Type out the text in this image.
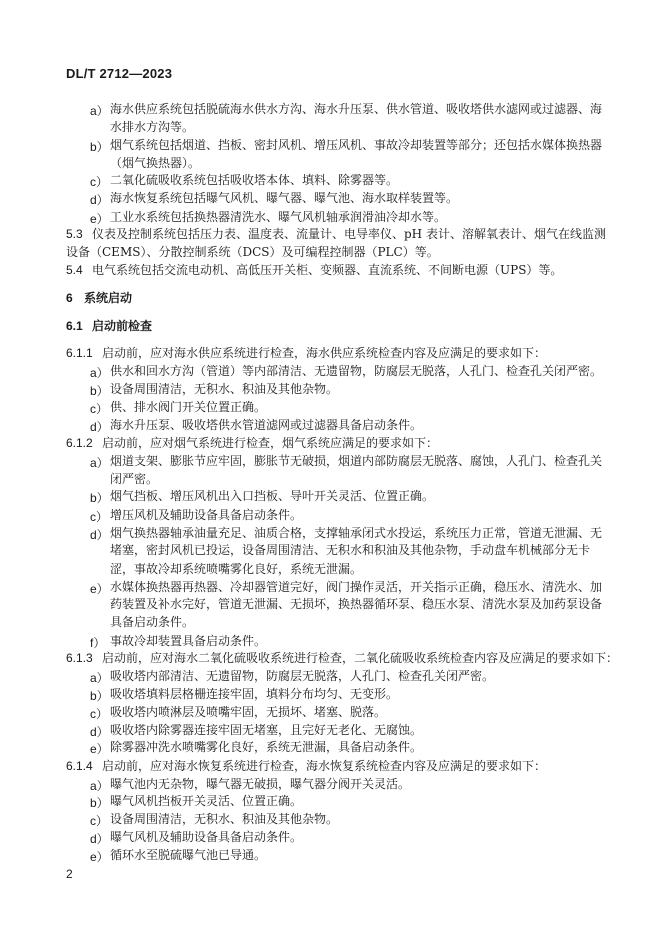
DL/T 2712—2023
a） 海水供应系统包括脱硫海水供水方沟、海水升压泵、供水管道、吸收塔供水滤网或过滤器、海
水排水方沟等。
b） 烟气系统包括烟道、挡板、密封风机、增压风机、事故冷却装置等部分；还包括水媒体换热器
（烟气换热器）。
c） 二氧化硫吸收系统包括吸收塔本体、填料、除雾器等。
d） 海水恢复系统包括曝气风机、曝气器、曝气池、海水取样装置等。
e） 工业水系统包括换热器清洗水、曝气风机轴承润滑油冷却水等。
5.3 仪表及控制系统包括压力表、温度表、流量计、电导率仪、pH 表计、溶解氧表计、烟气在线监测
设备（CEMS）、分散控制系统（DCS）及可编程控制器（PLC）等。
5.4 电气系统包括交流电动机、高低压开关柜、变频器、直流系统、不间断电源（UPS）等。
6 系统启动
6.1 启动前检查
6.1.1 启动前，应对海水供应系统进行检查，海水供应系统检查内容及应满足的要求如下：
a） 供水和回水方沟（管道）等内部清洁、无遗留物，防腐层无脱落，人孔门、检查孔关闭严密。
b） 设备周围清洁，无积水、积油及其他杂物。
c） 供、排水阀门开关位置正确。
d） 海水升压泵、吸收塔供水管道滤网或过滤器具备启动条件。
6.1.2 启动前，应对烟气系统进行检查，烟气系统应满足的要求如下：
a） 烟道支架、膨胀节应牢固，膨胀节无破损，烟道内部防腐层无脱落、腐蚀，人孔门、检查孔关
闭严密。
b） 烟气挡板、增压风机出入口挡板、导叶开关灵活、位置正确。
c） 增压风机及辅助设备具备启动条件。
d） 烟气换热器轴承油量充足、油质合格，支撑轴承闭式水投运，系统压力正常，管道无泄漏、无
堵塞，密封风机已投运，设备周围清洁、无积水和积油及其他杂物，手动盘车机械部分无卡
涩，事故冷却系统喷嘴雾化良好，系统无泄漏。
e） 水媒体换热器再热器、冷却器管道完好，阀门操作灵活，开关指示正确，稳压水、清洗水、加
药装置及补水完好，管道无泄漏、无损坏，换热器循环泵、稳压水泵、清洗水泵及加药泵设备
具备启动条件。
f） 事故冷却装置具备启动条件。
6.1.3 启动前，应对海水二氧化硫吸收系统进行检查，二氧化硫吸收系统检查内容及应满足的要求如下：
a） 吸收塔内部清洁、无遗留物，防腐层无脱落，人孔门、检查孔关闭严密。
b） 吸收塔填料层格栅连接牢固，填料分布均匀、无变形。
c） 吸收塔内喷淋层及喷嘴牢固，无损坏、堵塞、脱落。
d） 吸收塔内除雾器连接牢固无堵塞，且完好无老化、无腐蚀。
e） 除雾器冲洗水喷嘴雾化良好，系统无泄漏，具备启动条件。
6.1.4 启动前，应对海水恢复系统进行检查，海水恢复系统检查内容及应满足的要求如下：
a） 曝气池内无杂物，曝气器无破损，曝气器分阀开关灵活。
b） 曝气风机挡板开关灵活、位置正确。
c） 设备周围清洁，无积水、积油及其他杂物。
d） 曝气风机及辅助设备具备启动条件。
e） 循环水至脱硫曝气池已导通。
2
